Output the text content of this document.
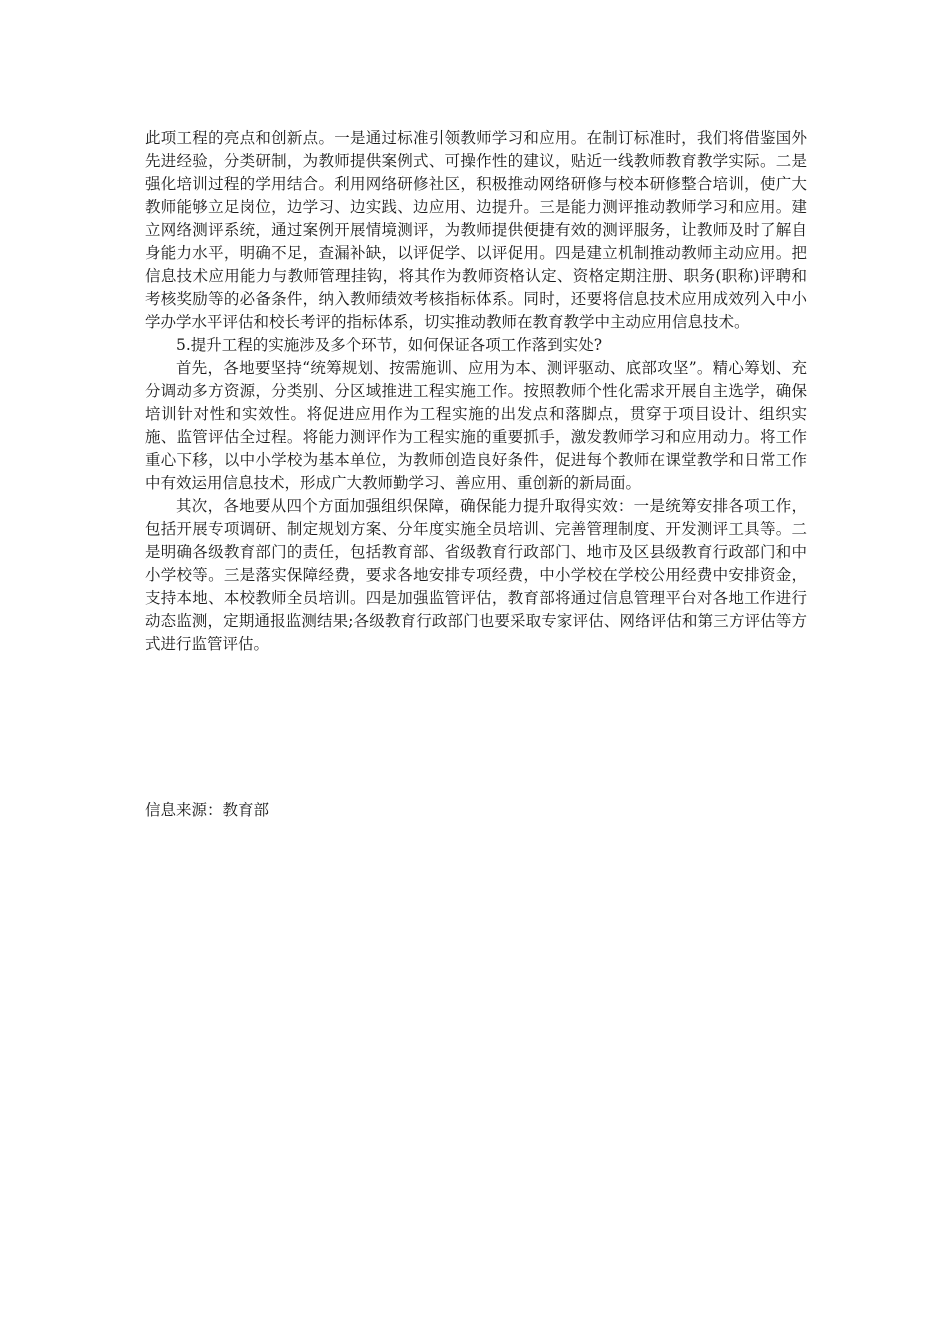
此项工程的亮点和创新点。一是通过标准引领教师学习和应用。在制订标准时，我们将借鉴国外先进经验，分类研制，为教师提供案例式、可操作性的建议，贴近一线教师教育教学实际。二是强化培训过程的学用结合。利用网络研修社区，积极推动网络研修与校本研修整合培训，使广大教师能够立足岗位，边学习、边实践、边应用、边提升。三是能力测评推动教师学习和应用。建立网络测评系统，通过案例开展情境测评，为教师提供便捷有效的测评服务，让教师及时了解自身能力水平，明确不足，查漏补缺，以评促学、以评促用。四是建立机制推动教师主动应用。把信息技术应用能力与教师管理挂钩，将其作为教师资格认定、资格定期注册、职务(职称)评聘和考核奖励等的必备条件，纳入教师绩效考核指标体系。同时，还要将信息技术应用成效列入中小学办学水平评估和校长考评的指标体系，切实推动教师在教育教学中主动应用信息技术。

5.提升工程的实施涉及多个环节，如何保证各项工作落到实处?

首先，各地要坚持“统筹规划、按需施训、应用为本、测评驱动、底部攻坚”。精心筹划、充分调动多方资源，分类别、分区域推进工程实施工作。按照教师个性化需求开展自主选学，确保培训针对性和实效性。将促进应用作为工程实施的出发点和落脚点，贯穿于项目设计、组织实施、监管评估全过程。将能力测评作为工程实施的重要抓手，激发教师学习和应用动力。将工作重心下移，以中小学校为基本单位，为教师创造良好条件，促进每个教师在课堂教学和日常工作中有效运用信息技术，形成广大教师勤学习、善应用、重创新的新局面。

其次，各地要从四个方面加强组织保障，确保能力提升取得实效：一是统筹安排各项工作，包括开展专项调研、制定规划方案、分年度实施全员培训、完善管理制度、开发测评工具等。二是明确各级教育部门的责任，包括教育部、省级教育行政部门、地市及区县级教育行政部门和中小学校等。三是落实保障经费，要求各地安排专项经费，中小学校在学校公用经费中安排资金，支持本地、本校教师全员培训。四是加强监管评估，教育部将通过信息管理平台对各地工作进行动态监测，定期通报监测结果;各级教育行政部门也要采取专家评估、网络评估和第三方评估等方式进行监管评估。

信息来源：教育部
